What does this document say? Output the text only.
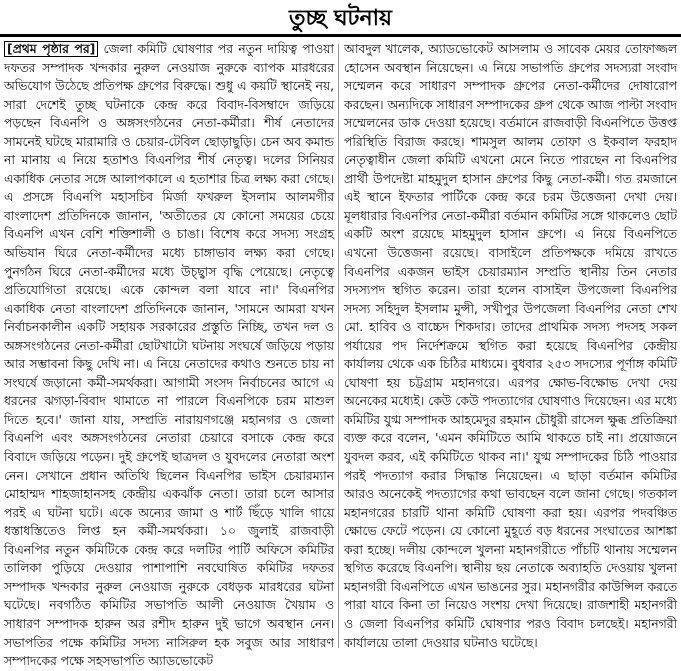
তুচ্ছ ঘটনায়

[প্রথম পৃষ্ঠার পর] জেলা কমিটি ঘোষণার পর নতুন দায়িত্ব পাওয়া দফতর সম্পাদক খন্দকার নুরুল নেওয়াজ নুরুকে ব্যাপক মারধরের অভিযোগ উঠেছে প্রতিপক্ষ গ্রুপের বিরুদ্ধে। শুধু এ কয়টি স্থানেই নয়, সারা দেশেই তুচ্ছ ঘটনাকে কেন্দ্র করে বিবাদ-বিসম্বাদে জড়িয়ে পড়ছেন বিএনপি ও অঙ্গসংগঠনের নেতা-কর্মীরা। শীর্ষ নেতাদের সামনেই ঘটছে মারামারি ও চেয়ার-টেবিল ছোড়াছুড়ি। চেন অব কমান্ড না মানায় এ নিয়ে হতাশও বিএনপির শীর্ষ নেতৃত্ব। দলের সিনিয়র একাধিক নেতার সঙ্গে আলাপকালে এ হতাশার চিত্র লক্ষ্য করা গেছে। এ প্রসঙ্গে বিএনপি মহাসচিব মির্জা ফখরুল ইসলাম আলমগীর বাংলাদেশ প্রতিদিনকে জানান, 'অতীতের যে কোনো সময়ের চেয়ে বিএনপি এখন বেশি শক্তিশালী ও চাঙা। বিশেষ করে সদস্য সংগ্রহ অভিযান ঘিরে নেতা-কর্মীদের মধ্যে চাঙ্গাভাব লক্ষ্য করা গেছে। পুনর্গঠন ঘিরে নেতা-কর্মীদের মধ্যে উচ্ছ্বাস বৃদ্ধি পেয়েছে। নেতৃত্বে প্রতিযোগিতা রয়েছে। একে কোন্দল বলা যাবে না।' বিএনপির একাধিক নেতা বাংলাদেশ প্রতিদিনকে জানান, 'সামনে আমরা যখন নির্বাচনকালীন একটি সহায়ক সরকারের প্রস্তুতি নিচ্ছি, তখন দল ও অঙ্গসংগঠনের নেতা-কর্মীরা ছোটখাটো ঘটনায় সংঘর্ষে জড়িয়ে পড়ায় আর সম্ভাবনা কিছু দেখি না। এ নিয়ে নেতাদের কথাও শুনতে চায় না সংঘর্ষে জড়ানো কর্মী-সমর্থকরা। আগামী সংসদ নির্বাচনের আগে এ ধরনের ঝগড়া-বিবাদ থামাতে না পারলে বিএনপিকে চরম মাশুল দিতে হবে।' জানা যায়, সম্প্রতি নারায়ণগঞ্জে মহানগর ও জেলা বিএনপি এবং অঙ্গসংগঠনের নেতারা চেয়ারে বসাকে কেন্দ্র করে বিবাদে জড়িয়ে পড়েন। দুই গ্রুপেই ছাত্রদল ও যুবদলের নেতারা অংশ নেন। সেখানে প্রধান অতিথি ছিলেন বিএনপির ভাইস চেয়ারম্যান মোহাম্মদ শাহজাহানসহ কেন্দ্রীয় একঝাঁক নেতা। তারা চলে আসার পরই এ ঘটনা ঘটে। একে অন্যের জামা ও শার্ট ছিঁড়ে খালি গায়ে ধস্তাধস্তিতেও লিপ্ত হন কর্মী-সমর্থকরা। ১০ জুলাই রাজবাড়ী বিএনপির নতুন কমিটিকে কেন্দ্র করে দলটির পার্টি অফিসে কমিটির তালিকা পুড়িয়ে দেওয়ার পাশাপাশি নবঘোষিত কমিটির দফতর সম্পাদক খন্দকার নুরুল নেওয়াজ নুরুকে বেধড়ক মারধরের ঘটনা ঘটেছে। নবগঠিত কমিটির সভাপতি আলী নেওয়াজ খৈয়াম ও সাধারণ সম্পাদক হারুন অর রশীদ হারুন দুই ভাগে অবস্থান নেন। সভাপতির পক্ষে কমিটির সদস্য নাসিরুল হক সবুজ আর সাধারণ সম্পাদকের পক্ষে সহসভাপতি অ্যাডভোকেট

আবদুল খালেক, অ্যাডভোকেট আসলাম ও সাবেক মেয়র তোফাজ্জল হোসেন অবস্থান নিয়েছেন। এ নিয়ে সভাপতি গ্রুপের সদস্যরা সংবাদ সম্মেলন করে সাধারণ সম্পাদক গ্রুপের নেতা-কর্মীদের দোষারোপ করছেন। অন্যদিকে সাধারণ সম্পাদকের গ্রুপ থেকে আজ পাল্টা সংবাদ সম্মেলনের ডাক দেওয়া হয়েছে। বর্তমানে রাজবাড়ী বিএনপিতে উত্তপ্ত পরিস্থিতি বিরাজ করছে। শামসুল আলম তোফা ও ইকবাল ফরহাদ নেতৃত্বাধীন জেলা কমিটি এখনো মেনে নিতে পারছেন না বিএনপির প্রার্থী উপদেষ্টা মাহমুদুল হাসান গ্রুপের কিছু নেতা-কর্মী। গত রমজানে এই স্থানে ইফতার পার্টিকে কেন্দ্র করে চরম উত্তেজনা দেখা দেয়। মূলধারার বিএনপির নেতা-কর্মীরা বর্তমান কমিটির সঙ্গে থাকলেও ছোট একটি অংশ রয়েছে মাহমুদুল হাসান গ্রুপে। এ নিয়ে বিএনপিতে এখনো উত্তেজনা রয়েছে। বাসাইলে প্রতিপক্ষকে দমিয়ে রাখতে বিএনপির একজন ভাইস চেয়ারম্যান সম্প্রতি স্থানীয় তিন নেতার সদস্যপদ স্থগিত করেন। তারা হলেন বাসাইল উপজেলা বিএনপির সদস্য সহিদুল ইসলাম মুন্সী, সখীপুর উপজেলা বিএনপির নেতা শেখ মো. হাবিব ও বাচ্চেদ শিকদার। তাদের প্রাথমিক সদস্য পদসহ সকল পর্যায়ের পদ নির্দেশক্রমে স্থগিত করা হয়েছে বিএনপির কেন্দ্রীয় কার্যালয় থেকে এক চিঠির মাধ্যমে। বুধবার ২৫৩ সদস্যের পূর্ণাঙ্গ কমিটি ঘোষণা হয় চট্টগ্রাম মহানগরে। এরপর ক্ষোভ-বিক্ষোভ দেখা দেয় অনেকের মধ্যেই। কেউ কেউ পদত্যাগের ঘোষণাও দিয়েছেন। এর মধ্যে কমিটির যুগ্ম সম্পাদক আহমেদুর রহমান চৌধুরী রাসেল ক্ষুব্ধ প্রতিক্রিয়া ব্যক্ত করে বলেন, 'এমন কমিটিতে আমি থাকতে চাই না। প্রয়োজনে যুবদল করব, এই কমিটিতে থাকব না।' যুগ্ম সম্পাদকের চিঠি পাওয়ার পরই পদত্যাগ করার সিদ্ধান্ত নিয়েছেন। এ ছাড়া বর্তমান কমিটির আরও অনেকেই পদত্যাগের কথা ভাবছেন বলে জানা গেছে। গতকাল মহানগরের চারটি থানা কমিটি ঘোষণা করা হয়। এরপর পদবঞ্চিত ক্ষোভে ফেটে পড়েন। যে কোনো মুহূর্তে বড় ধরনের সংঘাতের আশঙ্কা করা হচ্ছে। দলীয় কোন্দলে খুলনা মহানগরীতে পাঁচটি থানায় সম্মেলন স্থগিত করেছে বিএনপি। স্থানীয় ছয় নেতাকে অব্যাহতি দেওয়ায় খুলনা মহানগরী বিএনপিতে এখন ভাঙনের সুর। মহানগরীর কাউন্সিল করতে পারা যাবে কিনা তা নিয়েও সংশয় দেখা দিয়েছে। রাজশাহী মহানগরী ও জেলা বিএনপির কমিটি ঘোষণার পরও বিবাদ চলছেই। মহানগরী কার্যালয়ে তালা দেওয়ার ঘটনাও ঘটেছে।
